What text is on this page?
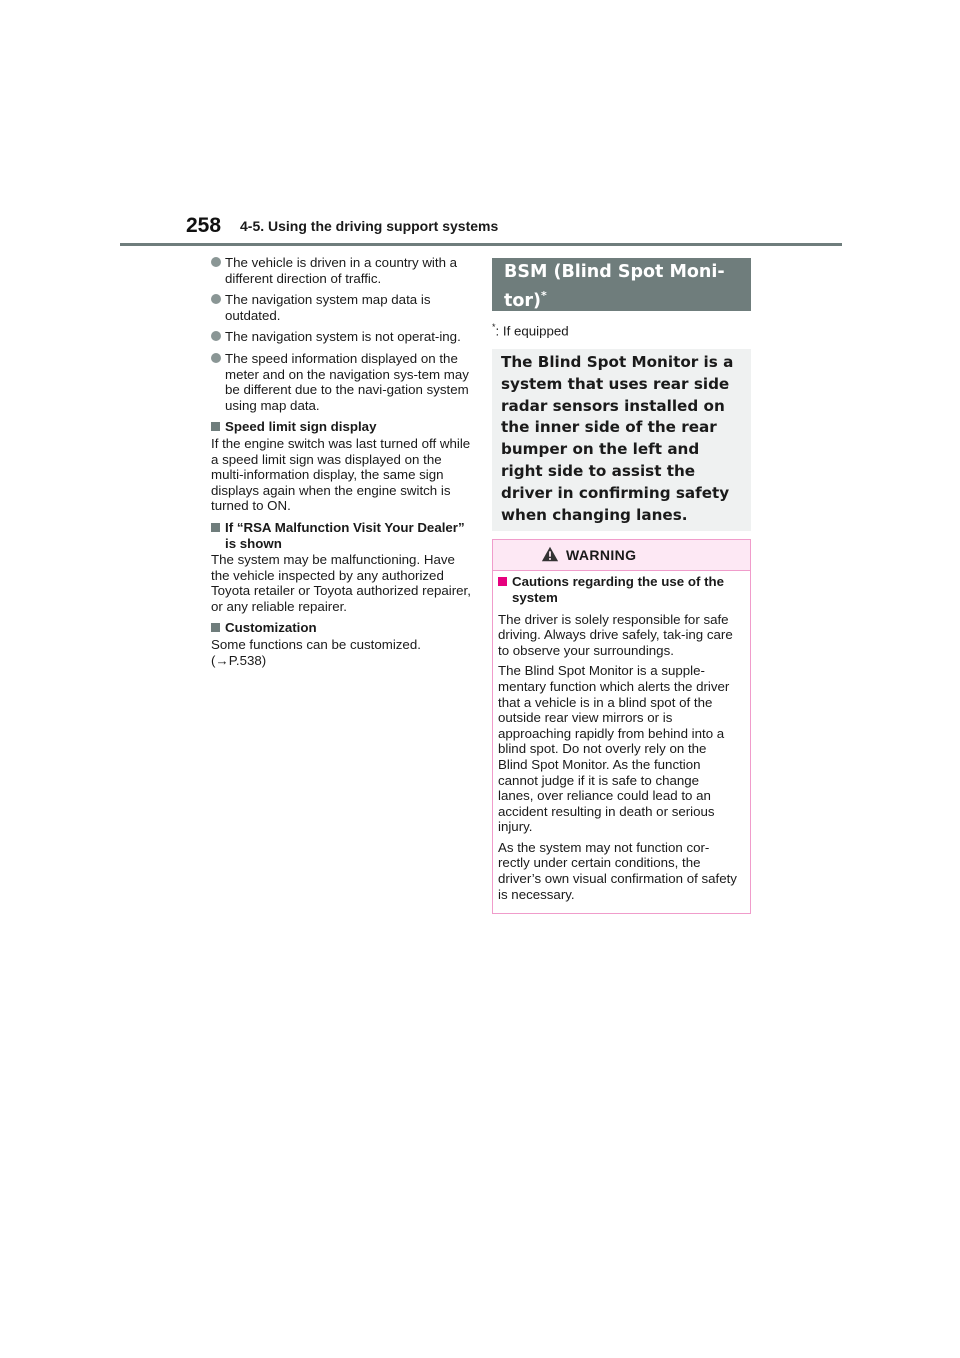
258 4-5. Using the driving support systems
The vehicle is driven in a country with a different direction of traffic.
The navigation system map data is outdated.
The navigation system is not operat-ing.
The speed information displayed on the meter and on the navigation sys-tem may be different due to the navi-gation system using map data.
Speed limit sign display

If the engine switch was last turned off while a speed limit sign was displayed on the multi-information display, the same sign displays again when the engine switch is turned to ON.

If “RSA Malfunction Visit Your Dealer” is shown

The system may be malfunctioning. Have the vehicle inspected by any authorized Toyota retailer or Toyota authorized repairer, or any reliable repairer.

Customization

Some functions can be customized. (→P.538)

BSM (Blind Spot Moni-tor)*
*: If equipped
The Blind Spot Monitor is a system that uses rear side radar sensors installed on the inner side of the rear bumper on the left and right side to assist the driver in confirming safety when changing lanes.
WARNING
Cautions regarding the use of the system

The driver is solely responsible for safe driving. Always drive safely, tak-ing care to observe your surroundings.

The Blind Spot Monitor is a supple-mentary function which alerts the driver that a vehicle is in a blind spot of the outside rear view mirrors or is approaching rapidly from behind into a blind spot. Do not overly rely on the Blind Spot Monitor. As the function cannot judge if it is safe to change lanes, over reliance could lead to an accident resulting in death or serious injury.

As the system may not function cor-rectly under certain conditions, the driver’s own visual confirmation of safety is necessary.
